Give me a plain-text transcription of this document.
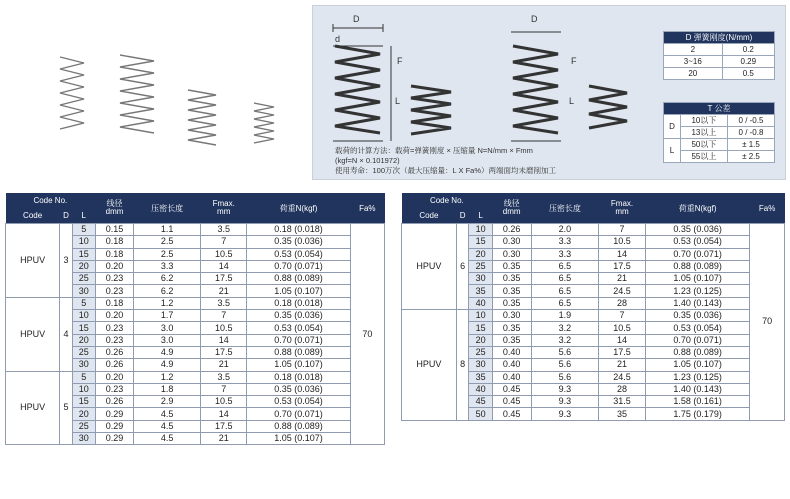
D
d
F
L
D
F
L
载荷的计算方法：载荷=弹簧刚度 × 压缩量 N=N/mm × Fmm
(kgf=N × 0.101972)
使用寿命：100万次（最大压缩量：L X Fa%）两端面均未磨削加工
D 弹簧刚度(N/mm)	
2	0.2
3~16	0.29
20	0.5
T 公差		
D	10以下	0 / -0.5
	13以上	0 / -0.8
L	50以下	± 1.5
	55以上	± 2.5
Code No.			线径
dmm	压密长度	Fmax.
mm	荷重N(kgf)	Fa%
Code	D	L					
HPUV	3	5	0.15	1.1	3.5	0.18 (0.018)	70
		10	0.18	2.5	7	0.35 (0.036)	
		15	0.18	2.5	10.5	0.53 (0.054)	
		20	0.20	3.3	14	0.70 (0.071)	
		25	0.23	6.2	17.5	0.88 (0.089)	
		30	0.23	6.2	21	1.05 (0.107)	
HPUV	4	5	0.18	1.2	3.5	0.18 (0.018)	
		10	0.20	1.7	7	0.35 (0.036)	
		15	0.23	3.0	10.5	0.53 (0.054)	
		20	0.23	3.0	14	0.70 (0.071)	
		25	0.26	4.9	17.5	0.88 (0.089)	
		30	0.26	4.9	21	1.05 (0.107)	
HPUV	5	5	0.20	1.2	3.5	0.18 (0.018)	
		10	0.23	1.8	7	0.35 (0.036)	
		15	0.26	2.9	10.5	0.53 (0.054)	
		20	0.29	4.5	14	0.70 (0.071)	
		25	0.29	4.5	17.5	0.88 (0.089)	
		30	0.29	4.5	21	1.05 (0.107)	
Code No.			线径
dmm	压密长度	Fmax.
mm	荷重N(kgf)	Fa%
Code	D	L					
HPUV	6	10	0.26	2.0	7	0.35 (0.036)	70
		15	0.30	3.3	10.5	0.53 (0.054)	
		20	0.30	3.3	14	0.70 (0.071)	
		25	0.35	6.5	17.5	0.88 (0.089)	
		30	0.35	6.5	21	1.05 (0.107)	
		35	0.35	6.5	24.5	1.23 (0.125)	
		40	0.35	6.5	28	1.40 (0.143)	
HPUV	8	10	0.30	1.9	7	0.35 (0.036)	
		15	0.35	3.2	10.5	0.53 (0.054)	
		20	0.35	3.2	14	0.70 (0.071)	
		25	0.40	5.6	17.5	0.88 (0.089)	
		30	0.40	5.6	21	1.05 (0.107)	
		35	0.40	5.6	24.5	1.23 (0.125)	
		40	0.45	9.3	28	1.40 (0.143)	
		45	0.45	9.3	31.5	1.58 (0.161)	
		50	0.45	9.3	35	1.75 (0.179)	
